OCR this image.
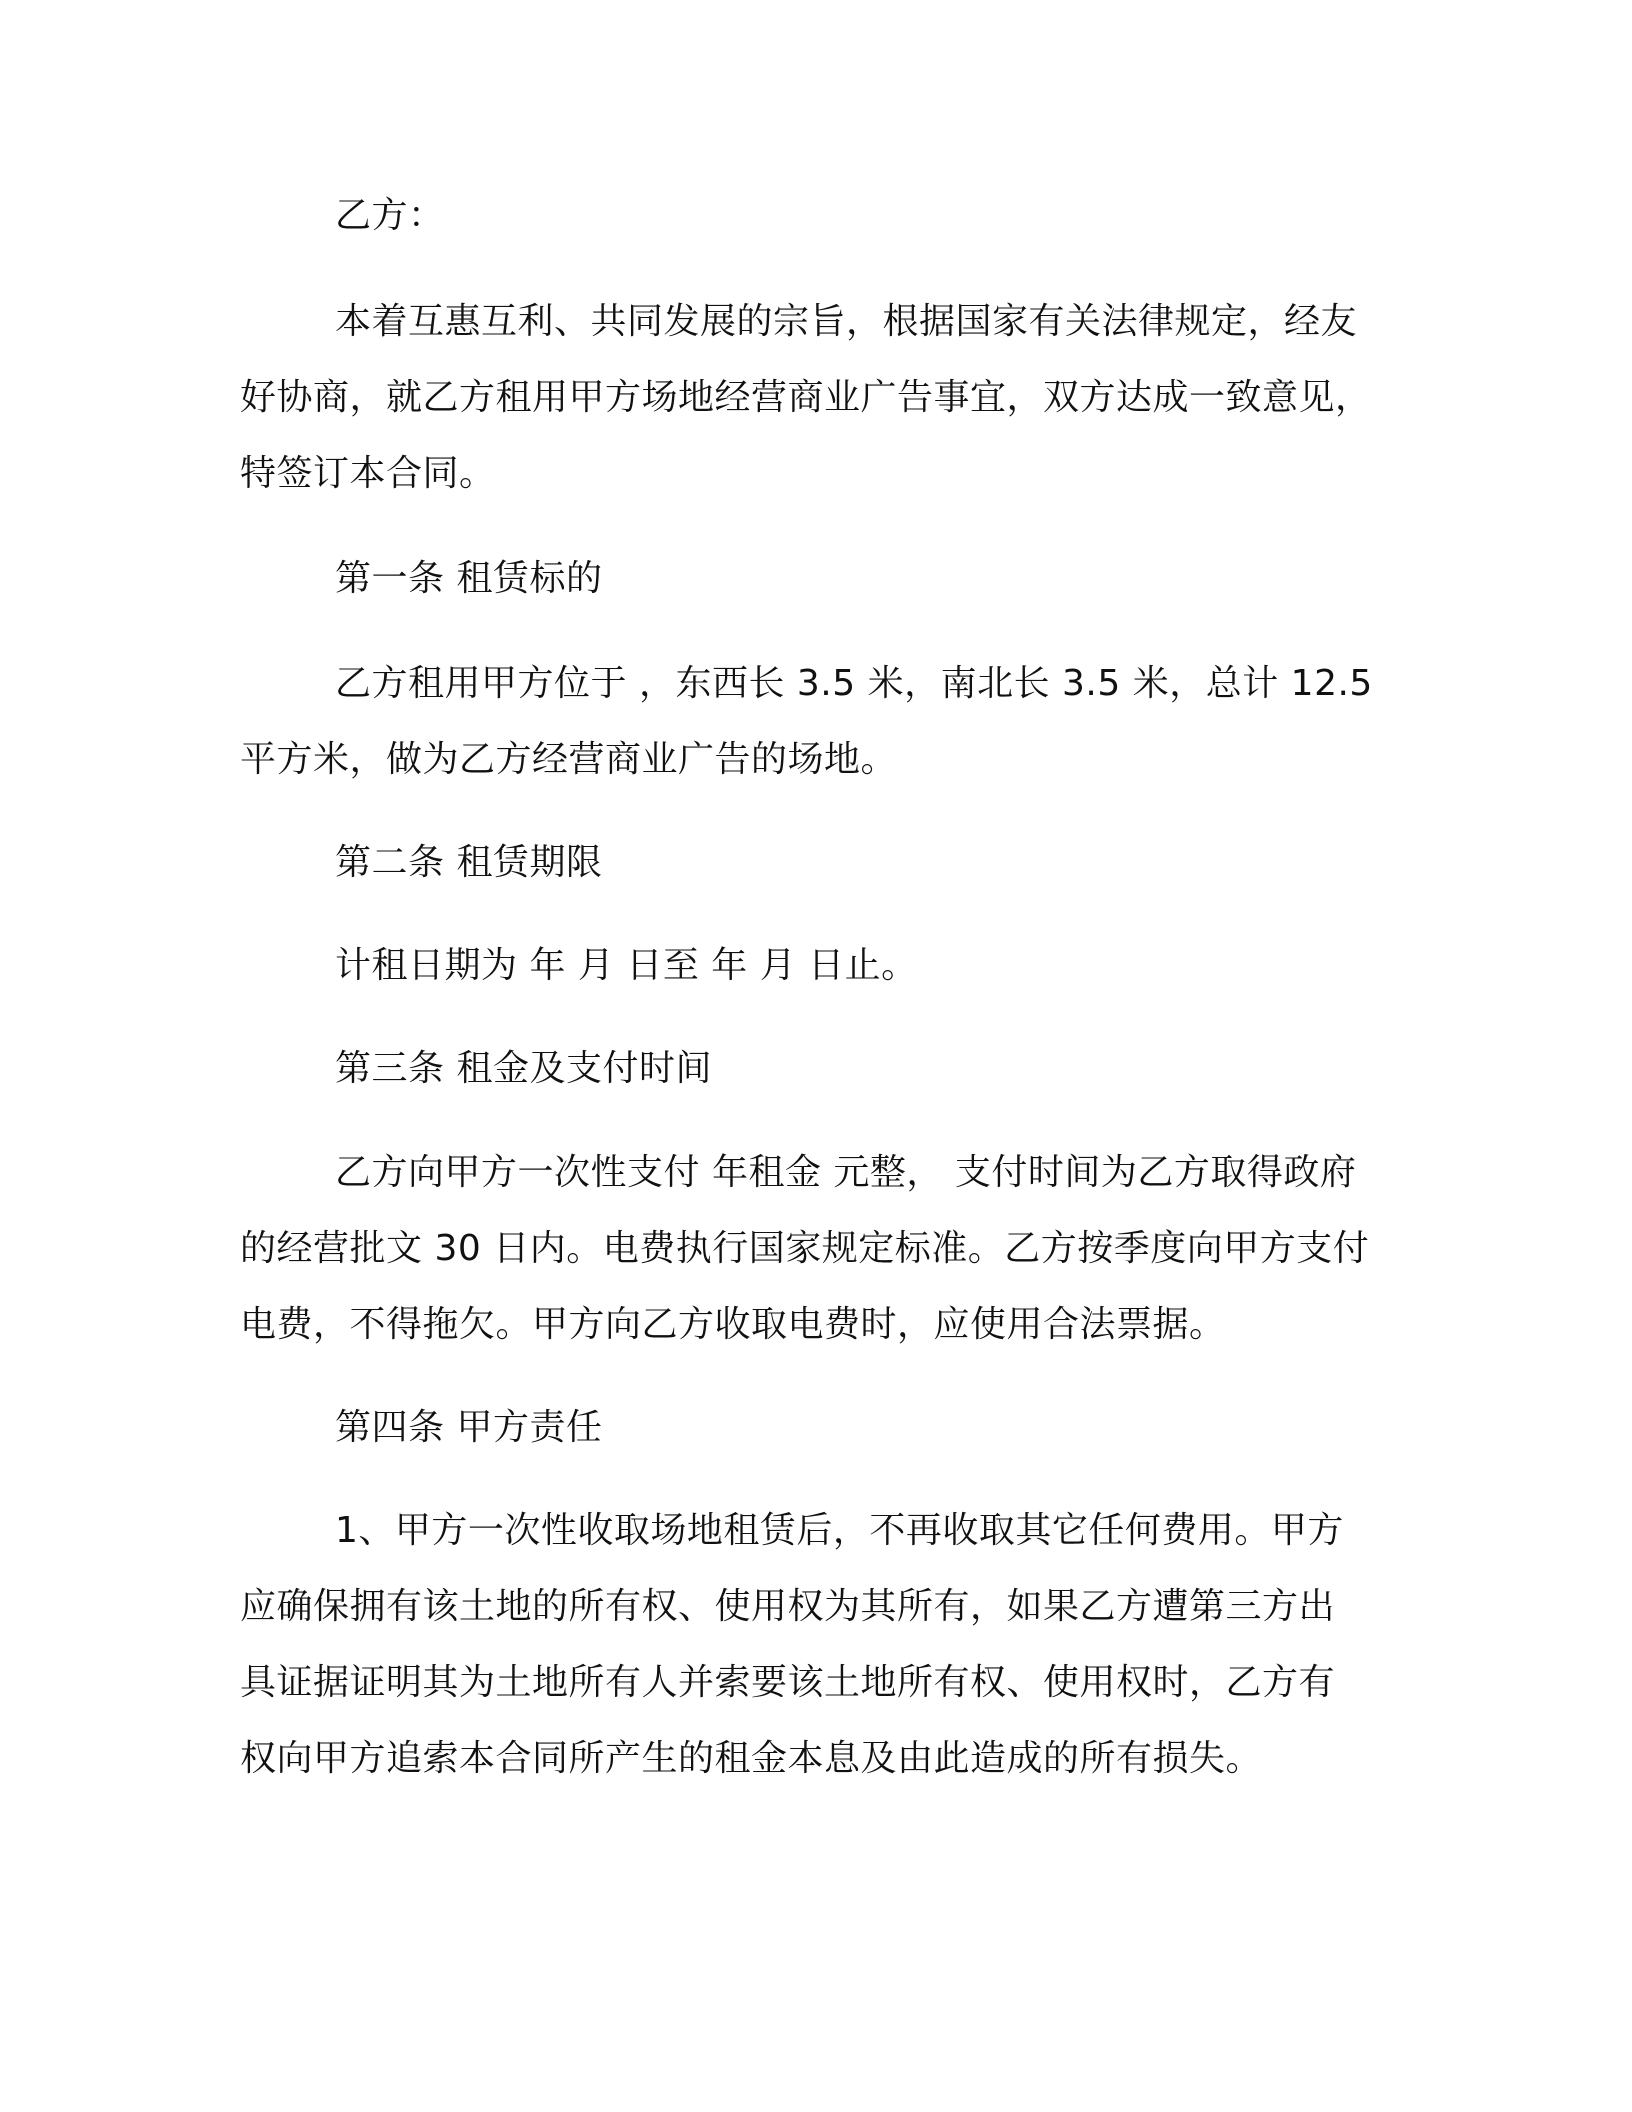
乙方：
本着互惠互利、共同发展的宗旨，根据国家有关法律规定，经友
好协商，就乙方租用甲方场地经营商业广告事宜，双方达成一致意见，
特签订本合同。
第一条 租赁标的
乙方租用甲方位于 ，东西长 3.5 米，南北长 3.5 米，总计 12.5
平方米，做为乙方经营商业广告的场地。
第二条 租赁期限
计租日期为 年 月 日至 年 月 日止。
第三条 租金及支付时间
乙方向甲方一次性支付 年租金 元整， 支付时间为乙方取得政府
的经营批文 30 日内。电费执行国家规定标准。乙方按季度向甲方支付
电费，不得拖欠。甲方向乙方收取电费时，应使用合法票据。
第四条 甲方责任
1、甲方一次性收取场地租赁后，不再收取其它任何费用。甲方
应确保拥有该土地的所有权、使用权为其所有，如果乙方遭第三方出
具证据证明其为土地所有人并索要该土地所有权、使用权时，乙方有
权向甲方追索本合同所产生的租金本息及由此造成的所有损失。
